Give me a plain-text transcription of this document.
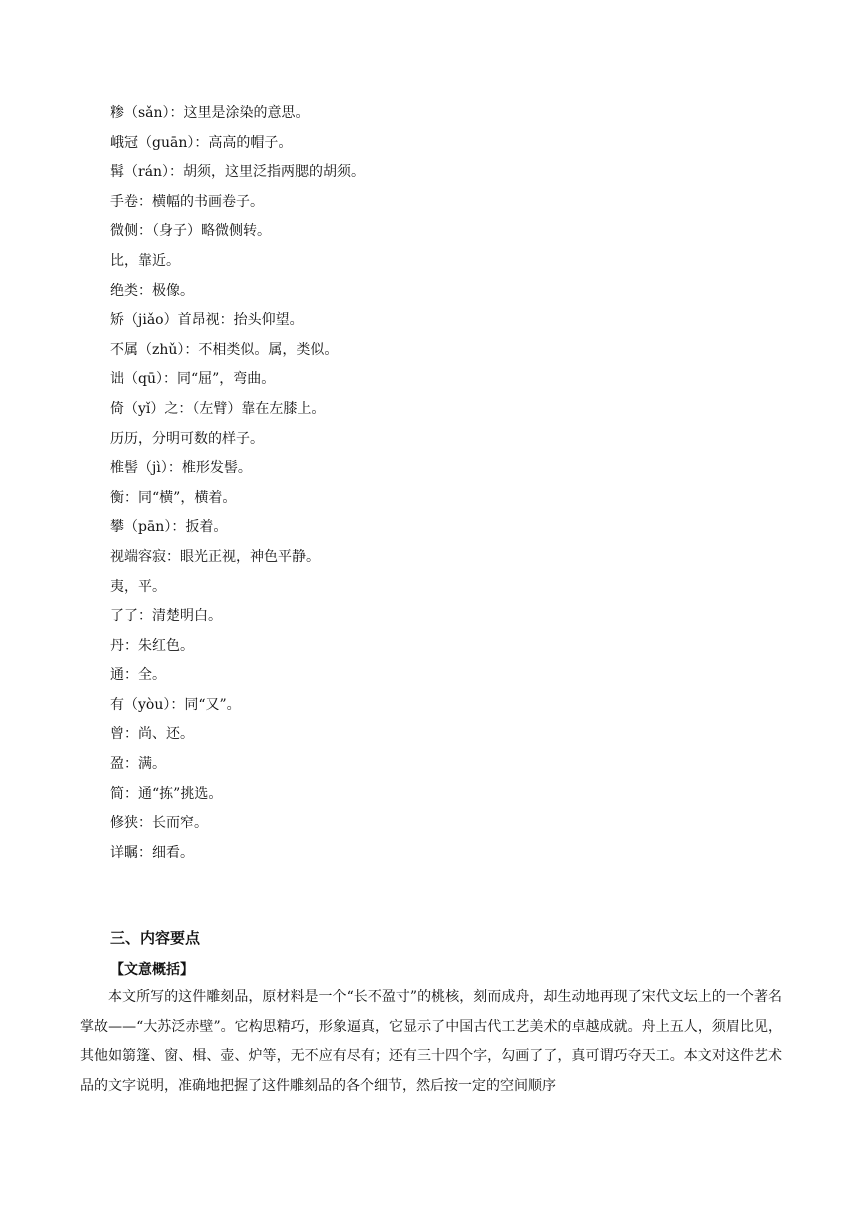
糁（sǎn）：这里是涂染的意思。
峨冠（guān）：高高的帽子。
髯（rán）：胡须，这里泛指两腮的胡须。
手卷：横幅的书画卷子。
微侧：（身子）略微侧转。
比，靠近。
绝类：极像。
矫（jiǎo）首昂视：抬头仰望。
不属（zhǔ）：不相类似。属，类似。
诎（qū）：同“屈”，弯曲。
倚（yǐ）之：（左臂）靠在左膝上。
历历，分明可数的样子。
椎髻（jì）：椎形发髻。
衡：同“横”，横着。
攀（pān）：扳着。
视端容寂：眼光正视，神色平静。
夷，平。
了了：清楚明白。
丹：朱红色。
通：全。
有（yòu）：同“又”。
曾：尚、还。
盈：满。
简：通“拣”挑选。
修狭：长而窄。
详瞩：细看。
三、内容要点
【文意概括】
本文所写的这件雕刻品，原材料是一个“长不盈寸”的桃核，刻而成舟，却生动地再现了宋代文坛上的一个著名掌故——“大苏泛赤壁”。它构思精巧，形象逼真，它显示了中国古代工艺美术的卓越成就。舟上五人，须眉比见，其他如篛篷、窗、楫、壶、炉等，无不应有尽有；还有三十四个字，勾画了了，真可谓巧夺天工。本文对这件艺术品的文字说明，准确地把握了这件雕刻品的各个细节，然后按一定的空间顺序
